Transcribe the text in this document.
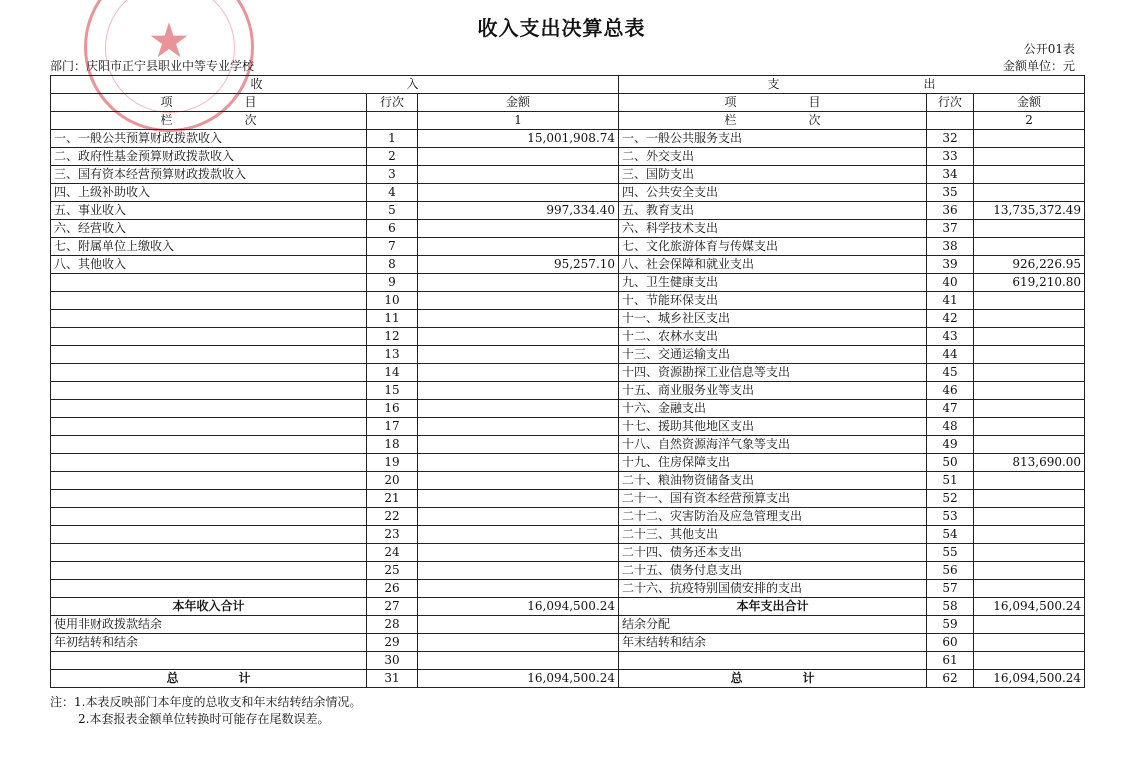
★	收入支出决算总表
部门：庆阳市正宁县职业中等专业学校
公开01表
金额单位：元
收　　　　　　　　　　　　入			支　　　　　　　　　　　　出		
项　　　　　　目	行次	金额	项　　　　　　目	行次	金额
栏　　　　　　次		1	栏　　　　　　次		2
一、一般公共预算财政拨款收入	1	15,001,908.74	一、一般公共服务支出	32	
二、政府性基金预算财政拨款收入	2		二、外交支出	33	
三、国有资本经营预算财政拨款收入	3		三、国防支出	34	
四、上级补助收入	4		四、公共安全支出	35	
五、事业收入	5	997,334.40	五、教育支出	36	13,735,372.49
六、经营收入	6		六、科学技术支出	37	
七、附属单位上缴收入	7		七、文化旅游体育与传媒支出	38	
八、其他收入	8	95,257.10	八、社会保障和就业支出	39	926,226.95
	9		九、卫生健康支出	40	619,210.80
	10		十、节能环保支出	41	
	11		十一、城乡社区支出	42	
	12		十二、农林水支出	43	
	13		十三、交通运输支出	44	
	14		十四、资源勘探工业信息等支出	45	
	15		十五、商业服务业等支出	46	
	16		十六、金融支出	47	
	17		十七、援助其他地区支出	48	
	18		十八、自然资源海洋气象等支出	49	
	19		十九、住房保障支出	50	813,690.00
	20		二十、粮油物资储备支出	51	
	21		二十一、国有资本经营预算支出	52	
	22		二十二、灾害防治及应急管理支出	53	
	23		二十三、其他支出	54	
	24		二十四、债务还本支出	55	
	25		二十五、债务付息支出	56	
	26		二十六、抗疫特别国债安排的支出	57	
本年收入合计	27	16,094,500.24	本年支出合计	58	16,094,500.24
使用非财政拨款结余	28		结余分配	59	
年初结转和结余	29		年末结转和结余	60	
	30			61	
总　　　　　计	31	16,094,500.24	总　　　　　计	62	16,094,500.24
注：1.本表反映部门本年度的总收支和年末结转结余情况。
2.本套报表金额单位转换时可能存在尾数误差。
